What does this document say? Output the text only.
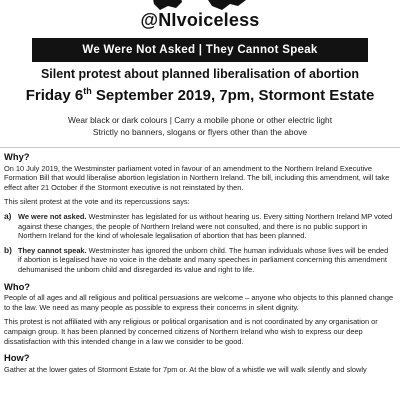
@NIvoiceless
We Were Not Asked | They Cannot Speak
Silent protest about planned liberalisation of abortion
Friday 6th September 2019, 7pm, Stormont Estate
Wear black or dark colours | Carry a mobile phone or other electric light
Strictly no banners, slogans or flyers other than the above
Why?
On 10 July 2019, the Westminster parliament voted in favour of an amendment to the Northern Ireland Executive Formation Bill that would liberalise abortion legislation in Northern Ireland. The bill, including this amendment, will take effect after 21 October if the Stormont executive is not reinstated by then.
This silent protest at the vote and its repercussions says:
a) We were not asked. Westminster has legislated for us without hearing us. Every sitting Northern Ireland MP voted against these changes, the people of Northern Ireland were not consulted, and there is no public support in Northern Ireland for the kind of wholesale legalisation of abortion that has been planned.
b) They cannot speak. Westminster has ignored the unborn child. The human individuals whose lives will be ended if abortion is legalised have no voice in the debate and many speeches in parliament concerning this amendment dehumanised the unborn child and disregarded its value and right to life.
Who?
People of all ages and all religious and political persuasions are welcome – anyone who objects to this planned change to the law. We need as many people as possible to express their concerns in silent dignity.
This protest is not affiliated with any religious or political organisation and is not coordinated by any organisation or campaign group. It has been planned by concerned citizens of Northern Ireland who wish to express our deep dissatisfaction with this intended change in a law we consider to be good.
How?
Gather at the lower gates of Stormont Estate for 7pm or. At the blow of a whistle we will walk silently and slowly
